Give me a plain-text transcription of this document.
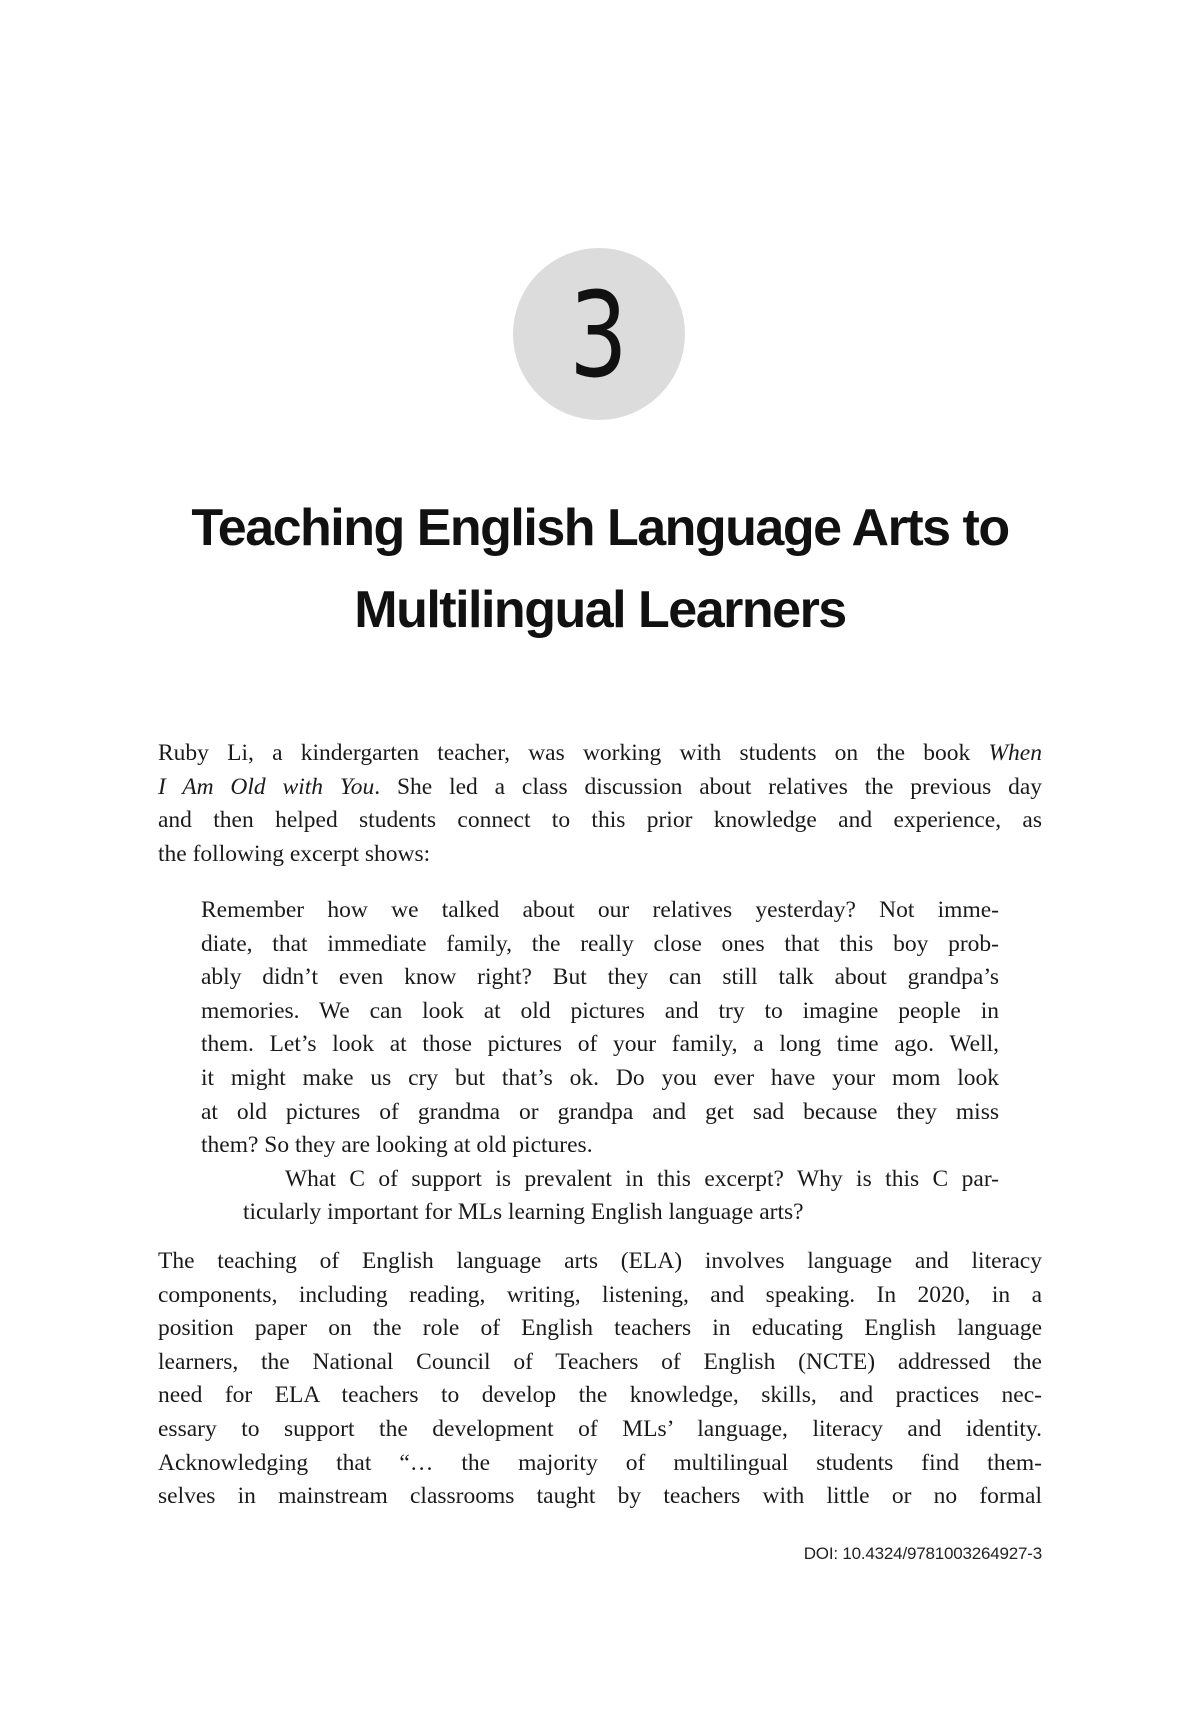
3
Teaching English Language Arts to
Multilingual Learners

Ruby Li, a kindergarten teacher, was working with students on the book When
I Am Old with You. She led a class discussion about relatives the previous day
and then helped students connect to this prior knowledge and experience, as
the following excerpt shows:

Remember how we talked about our relatives yesterday? Not imme-
diate, that immediate family, the really close ones that this boy prob-
ably didn’t even know right? But they can still talk about grandpa’s
memories. We can look at old pictures and try to imagine people in
them. Let’s look at those pictures of your family, a long time ago. Well,
it might make us cry but that’s ok. Do you ever have your mom look
at old pictures of grandma or grandpa and get sad because they miss
them? So they are looking at old pictures.

What C of support is prevalent in this excerpt? Why is this C par-
ticularly important for MLs learning English language arts?

The teaching of English language arts (ELA) involves language and literacy
components, including reading, writing, listening, and speaking. In 2020, in a
position paper on the role of English teachers in educating English language
learners, the National Council of Teachers of English (NCTE) addressed the
need for ELA teachers to develop the knowledge, skills, and practices nec-
essary to support the development of MLs’ language, literacy and identity.
Acknowledging that “… the majority of multilingual students find them-
selves in mainstream classrooms taught by teachers with little or no formal

DOI: 10.4324/9781003264927-3
